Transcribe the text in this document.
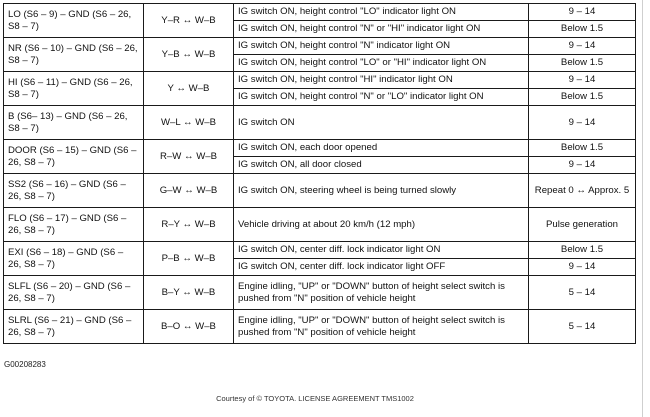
LO (S6 – 9) – GND (S6 – 26, S8 – 7)	Y–R ↔ W–B	IG switch ON, height control "LO" indicator light ON	9 – 14
		IG switch ON, height control "N" or "HI" indicator light ON	Below 1.5
NR (S6 – 10) – GND (S6 – 26, S8 – 7)	Y–B ↔ W–B	IG switch ON, height control "N" indicator light ON	9 – 14
		IG switch ON, height control "LO" or "HI" indicator light ON	Below 1.5
HI (S6 – 11) – GND (S6 – 26, S8 – 7)	Y ↔ W–B	IG switch ON, height control "HI" indicator light ON	9 – 14
		IG switch ON, height control "N" or "LO" indicator light ON	Below 1.5
B (S6– 13) – GND (S6 – 26, S8 – 7)	W–L ↔ W–B	IG switch ON	9 – 14
DOOR (S6 – 15) – GND (S6 – 26, S8 – 7)	R–W ↔ W–B	IG switch ON, each door opened	Below 1.5
		IG switch ON, all door closed	9 – 14
SS2 (S6 – 16) – GND (S6 – 26, S8 – 7)	G–W ↔ W–B	IG switch ON, steering wheel is being turned slowly	Repeat 0 ↔ Approx. 5
FLO (S6 – 17) – GND (S6 – 26, S8 – 7)	R–Y ↔ W–B	Vehicle driving at about 20 km/h (12 mph)	Pulse generation
EXI (S6 – 18) – GND (S6 – 26, S8 – 7)	P–B ↔ W–B	IG switch ON, center diff. lock indicator light ON	Below 1.5
		IG switch ON, center diff. lock indicator light OFF	9 – 14
SLFL (S6 – 20) – GND (S6 – 26, S8 – 7)	B–Y ↔ W–B	Engine idling, "UP" or "DOWN" button of height select switch is pushed from "N" position of vehicle height	5 – 14
SLRL (S6 – 21) – GND (S6 – 26, S8 – 7)	B–O ↔ W–B	Engine idling, "UP" or "DOWN" button of height select switch is pushed from "N" position of vehicle height	5 – 14
G00208283
Courtesy of © TOYOTA. LICENSE AGREEMENT TMS1002
